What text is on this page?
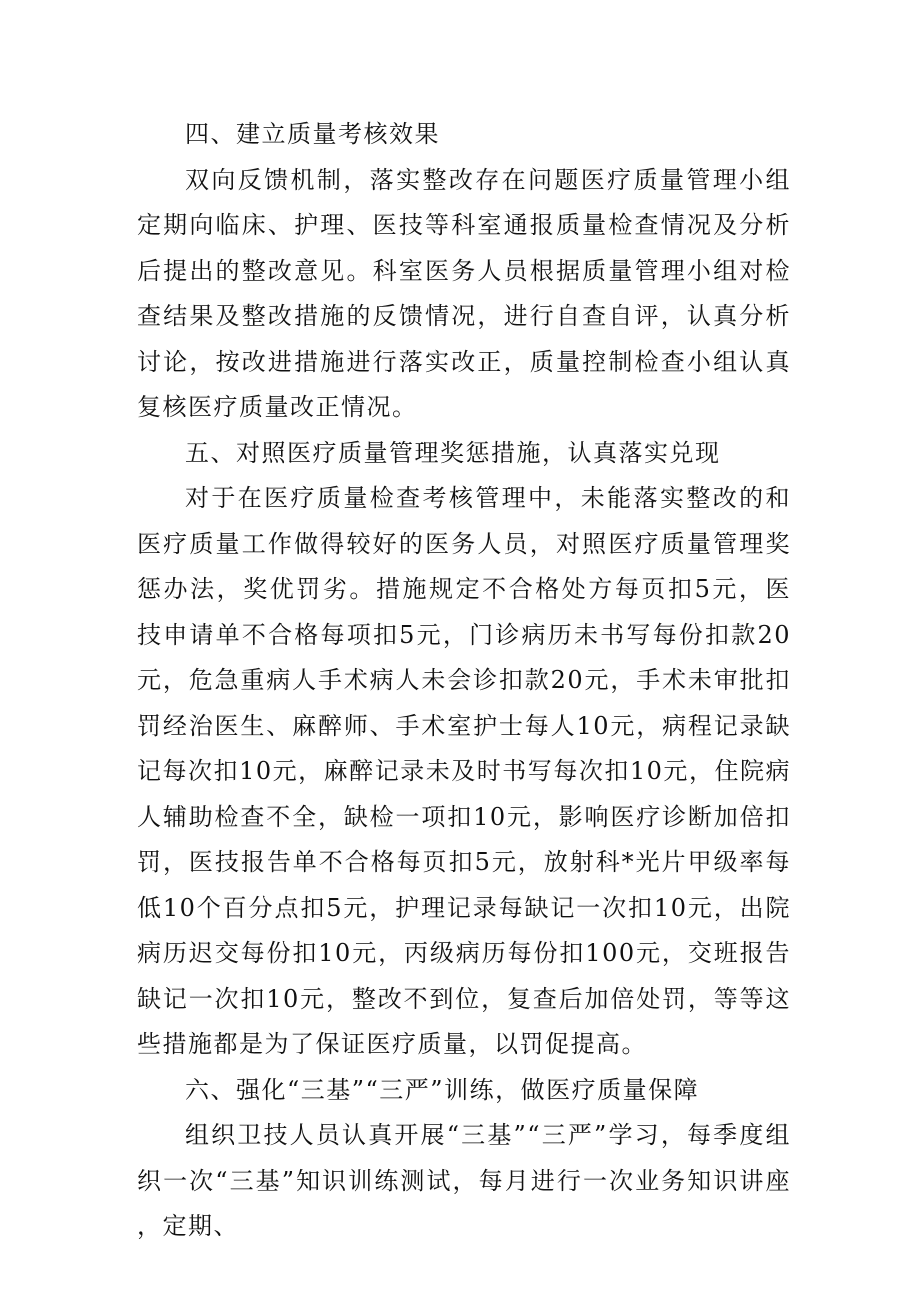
四、建立质量考核效果

双向反馈机制，落实整改存在问题医疗质量管理小组定期向临床、护理、医技等科室通报质量检查情况及分析后提出的整改意见。科室医务人员根据质量管理小组对检查结果及整改措施的反馈情况，进行自查自评，认真分析讨论，按改进措施进行落实改正，质量控制检查小组认真复核医疗质量改正情况。

五、对照医疗质量管理奖惩措施，认真落实兑现

对于在医疗质量检查考核管理中，未能落实整改的和医疗质量工作做得较好的医务人员，对照医疗质量管理奖惩办法，奖优罚劣。措施规定不合格处方每页扣5元，医技申请单不合格每项扣5元，门诊病历未书写每份扣款20元，危急重病人手术病人未会诊扣款20元，手术未审批扣罚经治医生、麻醉师、手术室护士每人10元，病程记录缺记每次扣10元，麻醉记录未及时书写每次扣10元，住院病人辅助检查不全，缺检一项扣10元，影响医疗诊断加倍扣罚，医技报告单不合格每页扣5元，放射科*光片甲级率每低10个百分点扣5元，护理记录每缺记一次扣10元，出院病历迟交每份扣10元，丙级病历每份扣100元，交班报告缺记一次扣10元，整改不到位，复查后加倍处罚，等等这些措施都是为了保证医疗质量，以罚促提高。

六、强化“三基”“三严”训练，做医疗质量保障

组织卫技人员认真开展“三基”“三严”学习，每季度组织一次“三基”知识训练测试，每月进行一次业务知识讲座，定期、
